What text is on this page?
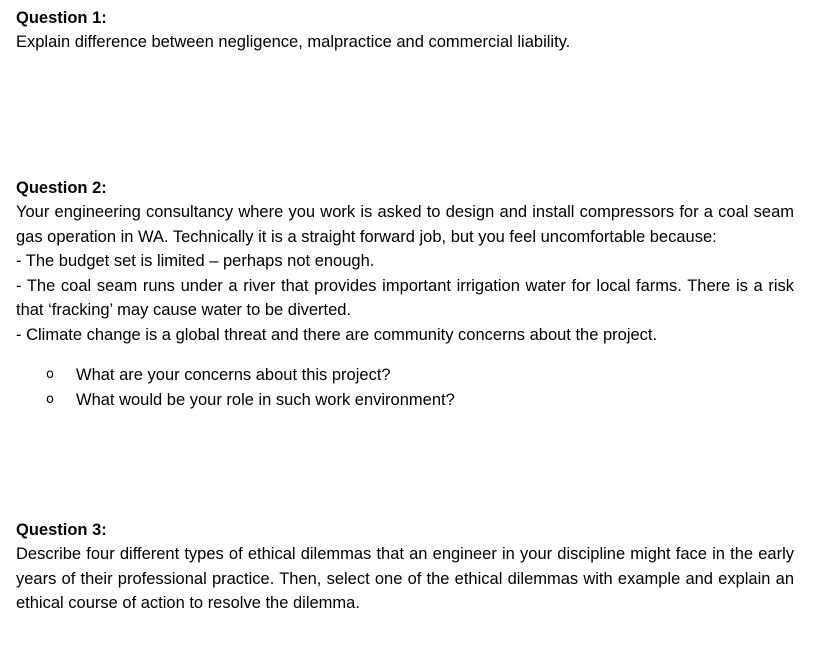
Question 1:

Explain difference between negligence, malpractice and commercial liability.

Question 2:

Your engineering consultancy where you work is asked to design and install compressors for a coal seam gas operation in WA. Technically it is a straight forward job, but you feel uncomfortable because:

- The budget set is limited – perhaps not enough.

- The coal seam runs under a river that provides important irrigation water for local farms. There is a risk that ‘fracking’ may cause water to be diverted.

- Climate change is a global threat and there are community concerns about the project.

o What are your concerns about this project?
o What would be your role in such work environment?

Question 3:

Describe four different types of ethical dilemmas that an engineer in your discipline might face in the early years of their professional practice. Then, select one of the ethical dilemmas with example and explain an ethical course of action to resolve the dilemma.
